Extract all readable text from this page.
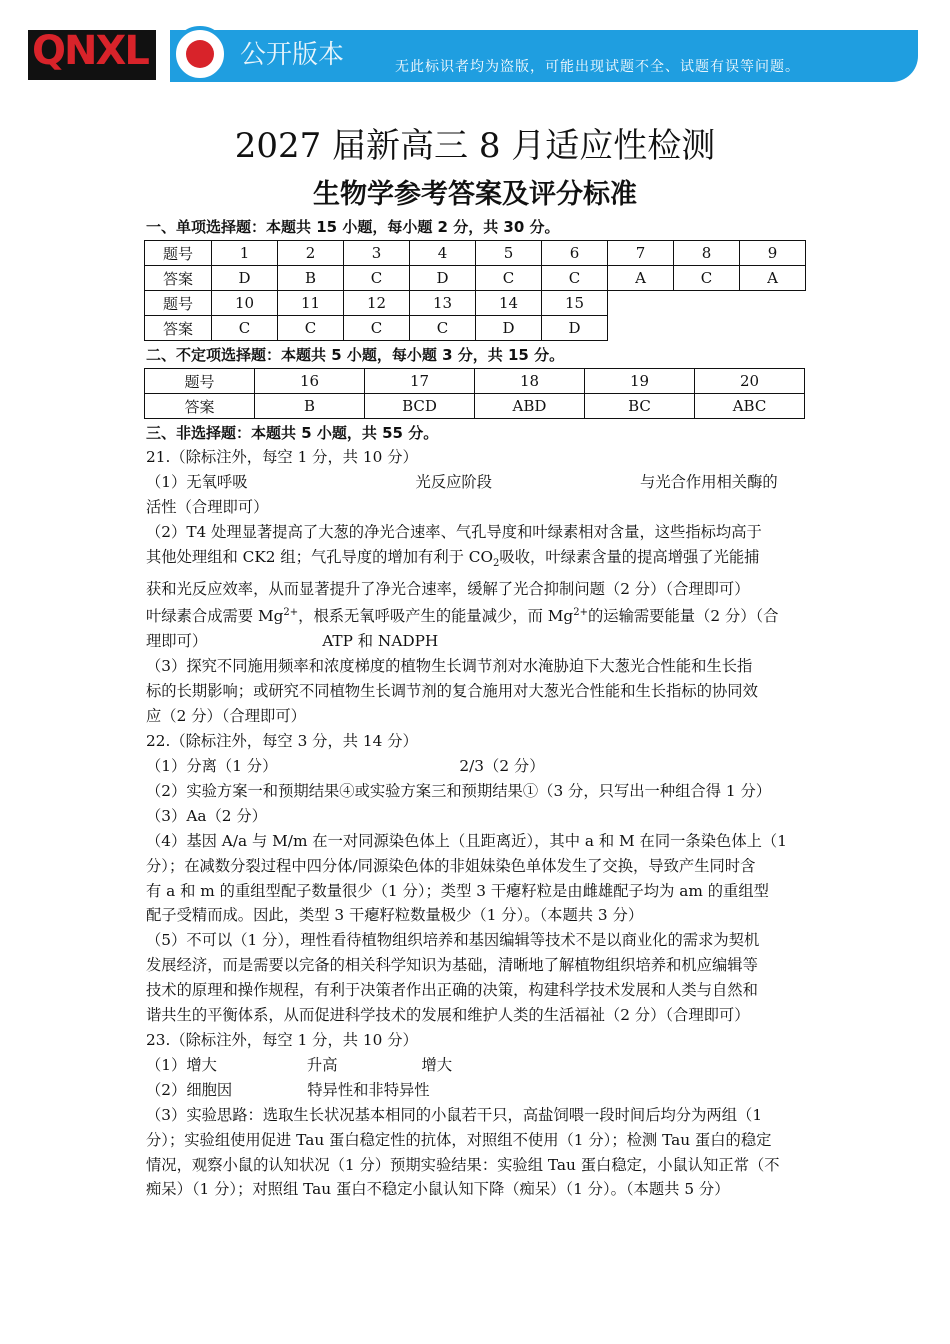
QNXL	公开版本	无此标识者均为盗版，可能出现试题不全、试题有误等问题。
2027 届新高三 8 月适应性检测
生物学参考答案及评分标准
一、单项选择题：本题共 15 小题，每小题 2 分，共 30 分。
题号	1	2	3	4	5	6	7	8	9
答案	D	B	C	D	C	C	A	C	A
题号	10	11	12	13	14	15			
答案	C	C	C	C	D	D			
二、不定项选择题：本题共 5 小题，每小题 3 分，共 15 分。
题号	16	17	18	19	20
答案	B	BCD	ABD	BC	ABC
三、非选择题：本题共 5 小题，共 55 分。
21.（除标注外，每空 1 分，共 10 分）
（1）无氧呼吸	光反应阶段	与光合作用相关酶的
活性（合理即可）
（2）T4 处理显著提高了大葱的净光合速率、气孔导度和叶绿素相对含量，这些指标均高于
其他处理组和 CK2 组；气孔导度的增加有利于 $CO_2$吸收，叶绿素含量的提高增强了光能捕
获和光反应效率，从而显著提升了净光合速率，缓解了光合抑制问题（2 分）（合理即可）
叶绿素合成需要 $Mg^{2+}$，根系无氧呼吸产生的能量减少，而 $Mg^{2+}$的运输需要能量（2 分）（合
理即可）	ATP 和 NADPH
（3）探究不同施用频率和浓度梯度的植物生长调节剂对水淹胁迫下大葱光合性能和生长指
标的长期影响；或研究不同植物生长调节剂的复合施用对大葱光合性能和生长指标的协同效
应（2 分）（合理即可）
22.（除标注外，每空 3 分，共 14 分）
（1）分离（1 分）	2/3（2 分）
（2）实验方案一和预期结果④或实验方案三和预期结果①（3 分，只写出一种组合得 1 分）
（3）Aa（2 分）
（4）基因 A/a 与 M/m 在一对同源染色体上（且距离近），其中 a 和 M 在同一条染色体上（1
分）；在减数分裂过程中四分体/同源染色体的非姐妹染色单体发生了交换，导致产生同时含
有 a 和 m 的重组型配子数量很少（1 分）；类型 3 干瘪籽粒是由雌雄配子均为 am 的重组型
配子受精而成。因此，类型 3 干瘪籽粒数量极少（1 分）。（本题共 3 分）
（5）不可以（1 分），理性看待植物组织培养和基因编辑等技术不是以商业化的需求为契机
发展经济，而是需要以完备的相关科学知识为基础，清晰地了解植物组织培养和机应编辑等
技术的原理和操作规程，有利于决策者作出正确的决策，构建科学技术发展和人类与自然和
谐共生的平衡体系，从而促进科学技术的发展和维护人类的生活福祉（2 分）（合理即可）
23.（除标注外，每空 1 分，共 10 分）
（1）增大	升高	增大
（2）细胞因	特异性和非特异性
（3）实验思路：选取生长状况基本相同的小鼠若干只，高盐饲喂一段时间后均分为两组（1
分）；实验组使用促进 Tau 蛋白稳定性的抗体，对照组不使用（1 分）；检测 Tau 蛋白的稳定
情况，观察小鼠的认知状况（1 分）预期实验结果：实验组 Tau 蛋白稳定，小鼠认知正常（不
痴呆）（1 分）；对照组 Tau 蛋白不稳定小鼠认知下降（痴呆）（1 分）。（本题共 5 分）
